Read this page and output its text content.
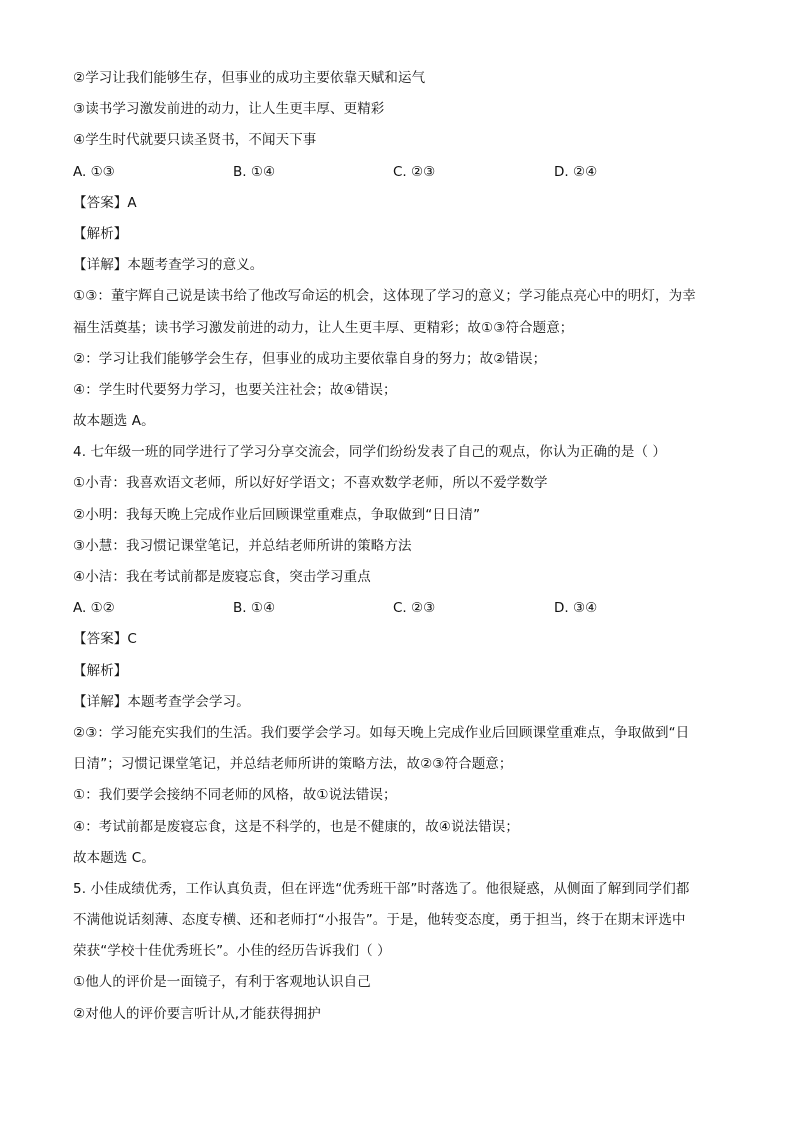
②学习让我们能够生存，但事业的成功主要依靠天赋和运气
③读书学习激发前进的动力，让人生更丰厚、更精彩
④学生时代就要只读圣贤书，不闻天下事
A. ①③	B. ①④	C. ②③	D. ②④
【答案】A
【解析】
【详解】本题考查学习的意义。
①③：董宇辉自己说是读书给了他改写命运的机会，这体现了学习的意义；学习能点亮心中的明灯，为幸
福生活奠基；读书学习激发前进的动力，让人生更丰厚、更精彩；故①③符合题意；
②：学习让我们能够学会生存，但事业的成功主要依靠自身的努力；故②错误；
④：学生时代要努力学习，也要关注社会；故④错误；
故本题选 A。
4. 七年级一班的同学进行了学习分享交流会，同学们纷纷发表了自己的观点，你认为正确的是（ ）
①小青：我喜欢语文老师，所以好好学语文；不喜欢数学老师，所以不爱学数学
②小明：我每天晚上完成作业后回顾课堂重难点，争取做到“日日清”
③小慧：我习惯记课堂笔记，并总结老师所讲的策略方法
④小洁：我在考试前都是废寝忘食，突击学习重点
A. ①②	B. ①④	C. ②③	D. ③④
【答案】C
【解析】
【详解】本题考查学会学习。
②③：学习能充实我们的生活。我们要学会学习。如每天晚上完成作业后回顾课堂重难点，争取做到“日
日清”；习惯记课堂笔记，并总结老师所讲的策略方法，故②③符合题意；
①：我们要学会接纳不同老师的风格，故①说法错误；
④：考试前都是废寝忘食，这是不科学的，也是不健康的，故④说法错误；
故本题选 C。
5. 小佳成绩优秀，工作认真负责，但在评选“优秀班干部”时落选了。他很疑惑，从侧面了解到同学们都
不满他说话刻薄、态度专横、还和老师打“小报告”。于是，他转变态度，勇于担当，终于在期末评选中
荣获“学校十佳优秀班长”。小佳的经历告诉我们（ ）
①他人的评价是一面镜子，有利于客观地认识自己
②对他人的评价要言听计从,才能获得拥护
